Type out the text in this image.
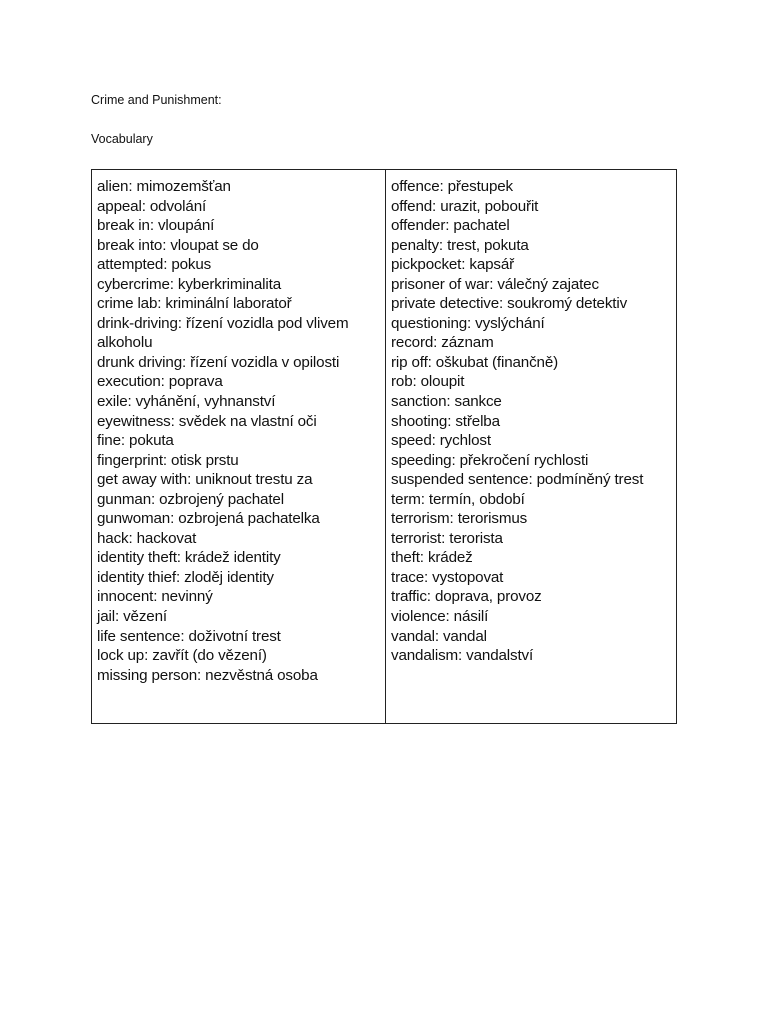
Crime and Punishment:
Vocabulary
alien: mimozemšťan
appeal: odvolání
break in: vloupání
break into: vloupat se do
attempted: pokus
cybercrime: kyberkriminalita
crime lab: kriminální laboratoř
drink-driving: řízení vozidla pod vlivem
alkoholu
drunk driving: řízení vozidla v opilosti
execution: poprava
exile: vyhánění, vyhnanství
eyewitness: svědek na vlastní oči
fine: pokuta
fingerprint: otisk prstu
get away with: uniknout trestu za
gunman: ozbrojený pachatel
gunwoman: ozbrojená pachatelka
hack: hackovat
identity theft: krádež identity
identity thief: zloděj identity
innocent: nevinný
jail: vězení
life sentence: doživotní trest
lock up: zavřít (do vězení)
missing person: nezvěstná osoba
offence: přestupek
offend: urazit, pobouřit
offender: pachatel
penalty: trest, pokuta
pickpocket: kapsář
prisoner of war: válečný zajatec
private detective: soukromý detektiv
questioning: vyslýchání
record: záznam
rip off: oškubat (finančně)
rob: oloupit
sanction: sankce
shooting: střelba
speed: rychlost
speeding: překročení rychlosti
suspended sentence: podmíněný trest
term: termín, období
terrorism: terorismus
terrorist: terorista
theft: krádež
trace: vystopovat
traffic: doprava, provoz
violence: násilí
vandal: vandal
vandalism: vandalství
